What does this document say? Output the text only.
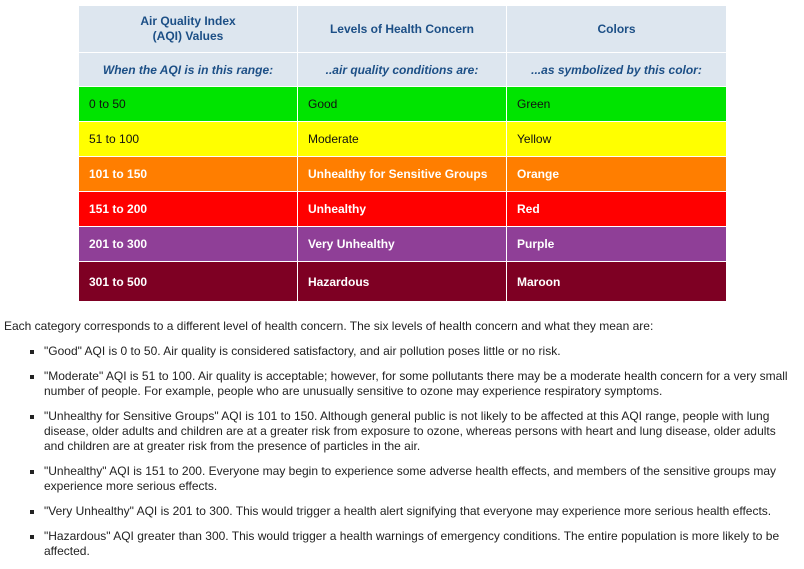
Air Quality Index
(AQI) Values	Levels of Health Concern	Colors
When the AQI is in this range:	..air quality conditions are:	...as symbolized by this color:
0 to 50	Good	Green
51 to 100	Moderate	Yellow
101 to 150	Unhealthy for Sensitive Groups	Orange
151 to 200	Unhealthy	Red
201 to 300	Very Unhealthy	Purple
301 to 500	Hazardous	Maroon

Each category corresponds to a different level of health concern. The six levels of health concern and what they mean are:

"Good" AQI is 0 to 50. Air quality is considered satisfactory, and air pollution poses little or no risk.
"Moderate" AQI is 51 to 100. Air quality is acceptable; however, for some pollutants there may be a moderate health concern for a very small number of people. For example, people who are unusually sensitive to ozone may experience respiratory symptoms.
"Unhealthy for Sensitive Groups" AQI is 101 to 150. Although general public is not likely to be affected at this AQI range, people with lung disease, older adults and children are at a greater risk from exposure to ozone, whereas persons with heart and lung disease, older adults and children are at greater risk from the presence of particles in the air.
"Unhealthy" AQI is 151 to 200. Everyone may begin to experience some adverse health effects, and members of the sensitive groups may experience more serious effects.
"Very Unhealthy" AQI is 201 to 300. This would trigger a health alert signifying that everyone may experience more serious health effects.
"Hazardous" AQI greater than 300. This would trigger a health warnings of emergency conditions. The entire population is more likely to be affected.
